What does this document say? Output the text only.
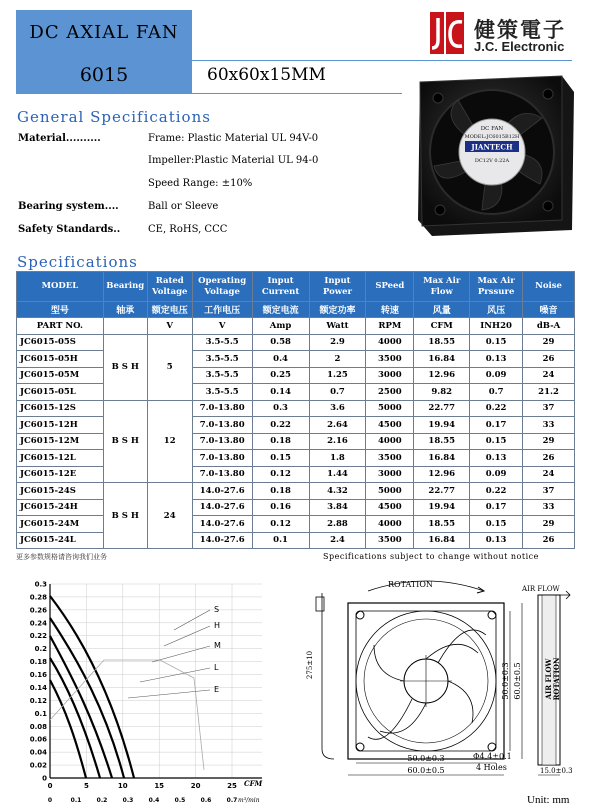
DC AXIAL FAN
6015	60x60x15MM
健策電子
J.C. Electronic
DC FAN
MODEL:JC6015B12H
JIANTECH
DC12V 0.22A
General Specifications
Material..........	Frame: Plastic Material UL 94V-0
Impeller:Plastic Material UL 94-0
Speed Range: ±10%
Bearing system....	Ball or Sleeve
Safety Standards..	CE, RoHS, CCC
Specifications
MODEL	Bearing	Rated Voltage	Operating Voltage	Input Current	Input Power	SPeed	Max Air Flow	Max Air Prssure	Noise
型号	轴承	额定电压	工作电压	额定电流	额定功率	转速	风量	风压	噪音
PART NO.		V	V	Amp	Watt	RPM	CFM	INH20	dB-A
JC6015-05S	B S H	5	3.5-5.5	0.58	2.9	4000	18.55	0.15	29
JC6015-05H			3.5-5.5	0.4	2	3500	16.84	0.13	26
JC6015-05M			3.5-5.5	0.25	1.25	3000	12.96	0.09	24
JC6015-05L			3.5-5.5	0.14	0.7	2500	9.82	0.7	21.2
JC6015-12S	B S H	12	7.0-13.80	0.3	3.6	5000	22.77	0.22	37
JC6015-12H			7.0-13.80	0.22	2.64	4500	19.94	0.17	33
JC6015-12M			7.0-13.80	0.18	2.16	4000	18.55	0.15	29
JC6015-12L			7.0-13.80	0.15	1.8	3500	16.84	0.13	26
JC6015-12E			7.0-13.80	0.12	1.44	3000	12.96	0.09	24
JC6015-24S	B S H	24	14.0-27.6	0.18	4.32	5000	22.77	0.22	37
JC6015-24H			14.0-27.6	0.16	3.84	4500	19.94	0.17	33
JC6015-24M			14.0-27.6	0.12	2.88	4000	18.55	0.15	29
JC6015-24L			14.0-27.6	0.1	2.4	3500	16.84	0.13	26
更多参数规格请咨询我们业务	Specifications subject to change without notice
S
H
M
L
E
0.3
0.28
0.26
0.24
0.22
0.2
0.18
0.16
0.14
0.12
0.1
0.08
0.06
0.04
0.02
0
0	5	10	15	20	25
0	0.1	0.2	0.3	0.4	0.5	0.6	0.7
CFM
m³/min
ROTATION
275±10	50.0±0.3 60.0±0.5
50.0±0.3
60.0±0.5
Φ4.4±0.1
4 Holes
AIR FLOW
AIR FLOW ROTATION
15.0±0.3
Unit: mm
